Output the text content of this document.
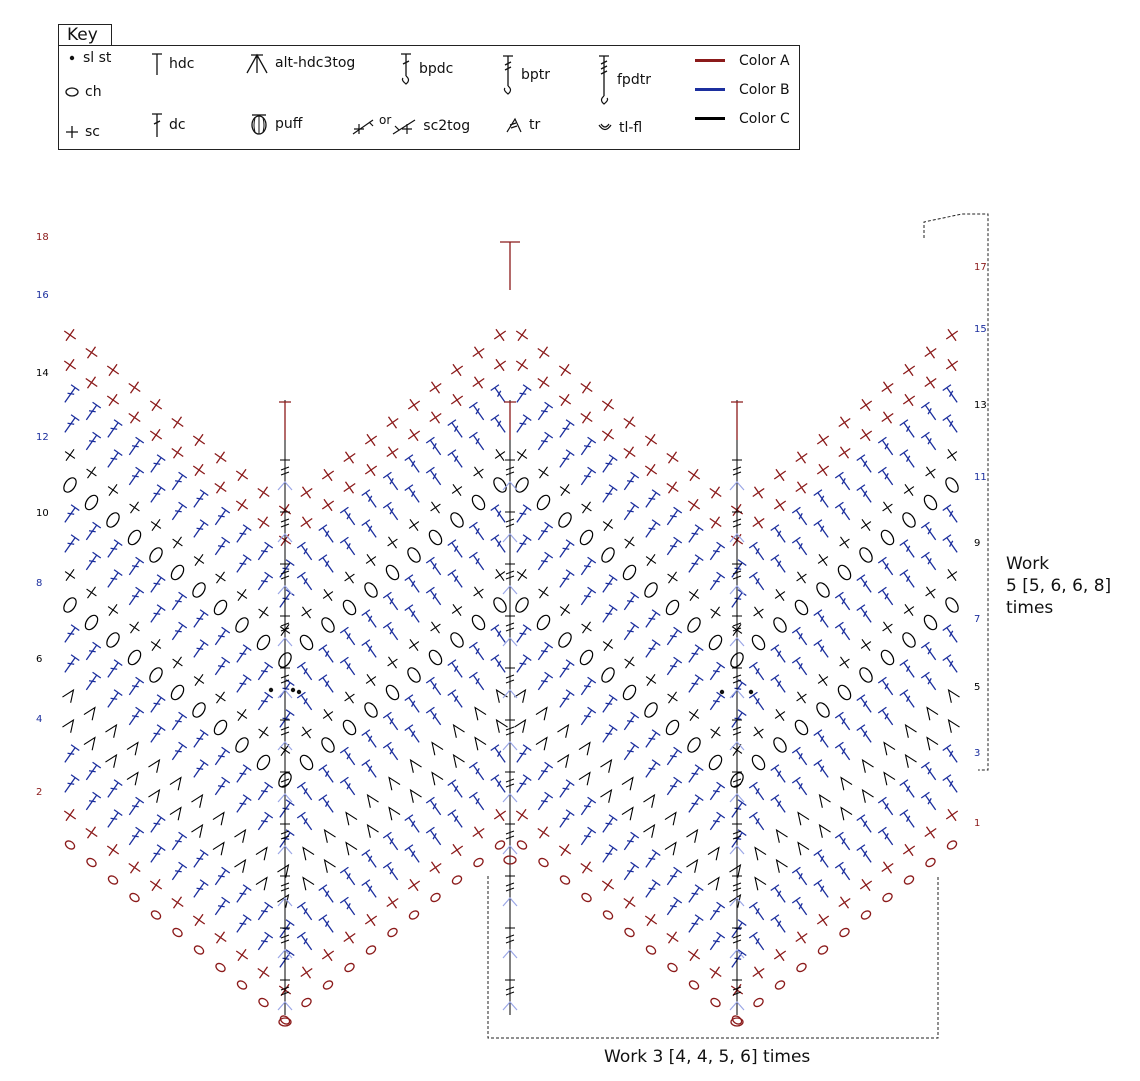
Key
sl st
ch
sc
hdc
dc
alt-hdc3tog
puff
bpdc
or sc2tog
bptr
tr
fpdtr
tl-fl
Color A
Color B
Color C
18
16
14
12
10
8
6
4
2
17
15
13
11
9
7
5
3
1
Work
5 [5, 6, 6, 8]
times
Work 3 [4, 4, 5, 6] times
